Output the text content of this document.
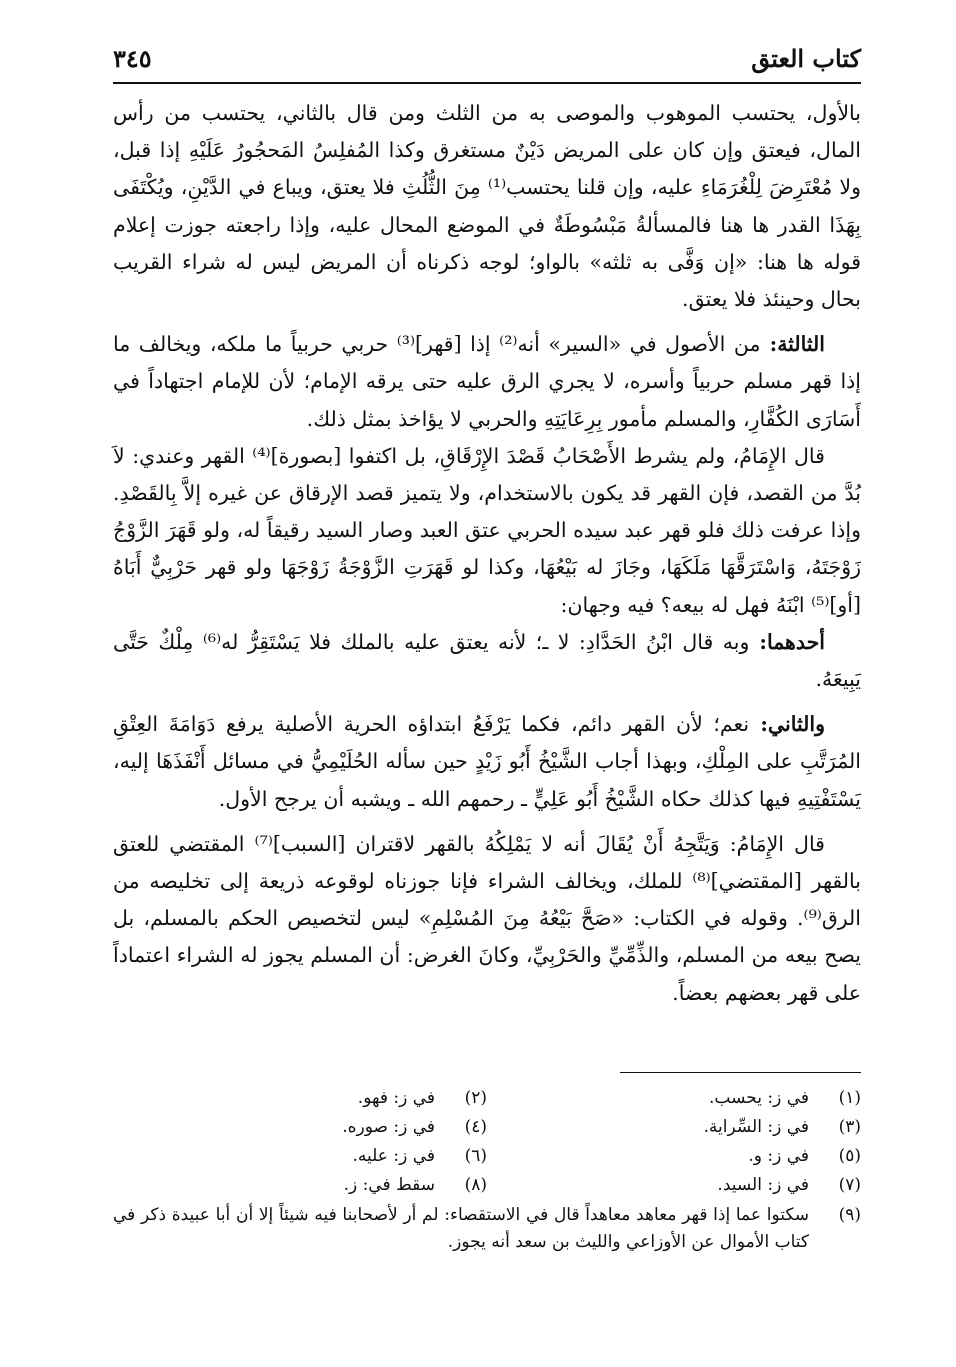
كتاب العتق
٣٤٥

بالأول، يحتسب الموهوب والموصى به من الثلث ومن قال بالثاني، يحتسب من رأس المال، فيعتق وإن كان على المريض دَيْنٌ مستغرق وكذا المُفلِسُ المَحجُورُ عَلَيْهِ إذا قبل، ولا مُعْتَرِضَ لِلْغُرَمَاءِ عليه، وإن قلنا يحتسب⁽¹⁾ مِنَ الثُّلُثِ فلا يعتق، ويباع في الدَّيْنِ، ويُكْتَفَى بِهَذَا القدر ها هنا فالمسألةُ مَبْسُوطَةٌ في الموضع المحال عليه، وإذا راجعته جوزت إعلام قوله ها هنا: «إن وَفَّى به ثلثه» بالواو؛ لوجه ذكرناه أن المريض ليس له شراء القريب بحال وحينئذ فلا يعتق.

الثالثة: من الأصول في «السير» أنه⁽²⁾ إذا [قهر]⁽³⁾ حربي حربياً ما ملكه، ويخالف ما إذا قهر مسلم حربياً وأسره، لا يجري الرق عليه حتى يرقه الإمام؛ لأن للإمام اجتهاداً في أَسَارَى الكُفَّارِ، والمسلم مأمور بِرِعَايَتِهِ والحربي لا يؤاخذ بمثل ذلك.

قال الإِمَامُ، ولم يشرط الأَصْحَابُ قَصْدَ الإِرْقَاقِ، بل اكتفوا [بصورة]⁽⁴⁾ القهر وعندي: لاَ بُدَّ من القصد، فإن القهر قد يكون بالاستخدام، ولا يتميز قصد الإرقاق عن غيره إلاَّ بِالقَصْدِ. وإذا عرفت ذلك فلو قهر عبد سيده الحربي عتق العبد وصار السيد رقيقاً له، ولو قَهَرَ الزَّوْجُ زَوْجَتَهُ، وَاسْتَرَقَّهَا مَلَكَهَا، وجَازَ له بَيْعُهَا، وكذا لو قَهَرَتِ الزَّوْجَةُ زَوْجَهَا ولو قهر حَرْبِيٌّ أَبَاهُ [أو]⁽⁵⁾ ابْنَهُ فهل له بيعه؟ فيه وجهان:

أحدهما: وبه قال ابْنُ الحَدَّادِ: لا ـ؛ لأنه يعتق عليه بالملك فلا يَسْتَقِرُّ له⁽⁶⁾ مِلْكٌ حَتَّى يَبِيعَهُ.

والثاني: نعم؛ لأن القهر دائم، فكما يَرْفَعُ ابتداؤه الحرية الأصلية يرفع دَوَامَةَ العِتْقِ المُرَتَّبِ على المِلْكِ، وبهذا أجاب الشَّيْخُ أَبُو زَيْدٍ حين سأله الحُلَيْمِيُّ في مسائل أَنْفَذَهَا إليه، يَسْتَفْتِيهِ فيها كذلك حكاه الشَّيْخُ أَبُو عَلِيٍّ ـ رحمهم الله ـ ويشبه أن يرجح الأول.

قال الإِمَامُ: وَيَتَّجِهُ أَنْ يُقَالَ أنه لا يَمْلِكُهُ بالقهر لاقتران [السبب]⁽⁷⁾ المقتضي للعتق بالقهر [المقتضي]⁽⁸⁾ للملك، ويخالف الشراء فإنا جوزناه لوقوعه ذريعة إلى تخليصه من الرق⁽⁹⁾. وقوله في الكتاب: «صَحَّ بَيْعُهُ مِنَ المُسْلِمِ» ليس لتخصيص الحكم بالمسلم، بل يصح بيعه من المسلم، والذِّمِّيِّ والحَرْبِيِّ، وكانَ الغرض: أن المسلم يجوز له الشراء اعتماداً على قهر بعضهم بعضاً.

(١)
في ز: يحسب.
(٢)
في ز: فهو.
(٣)
في ز: السِّراية.
(٤)
في ز: صوره.
(٥)
في ز: و.
(٦)
في ز: عليه.
(٧)
في ز: السيد.
(٨)
سقط في: ز.
(٩)
سكتوا عما إذا قهر معاهد معاهداً قال في الاستقصاء: لم أر لأصحابنا فيه شيئاً إلا أن أبا عبيدة ذكر في كتاب الأموال عن الأوزاعي والليث بن سعد أنه يجوز.
